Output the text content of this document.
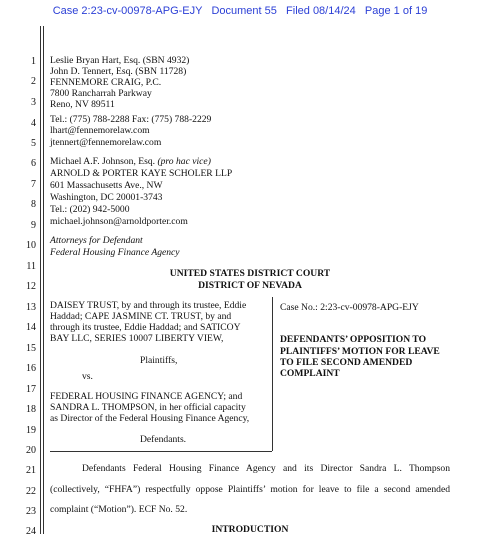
Case 2:23-cv-00978-APG-EJY   Document 55   Filed 08/14/24   Page 1 of 19
1
2
3
4
5
6
7
8
9
10
11
12
13
14
15
16
17
18
19
20
21
22
23
24
Leslie Bryan Hart, Esq. (SBN 4932)
John D. Tennert, Esq. (SBN 11728)
FENNEMORE CRAIG, P.C.
7800 Rancharrah Parkway
Reno, NV 89511
Tel.: (775) 788-2288 Fax: (775) 788-2229
lhart@fennemorelaw.com
jtennert@fennemorelaw.com
Michael A.F. Johnson, Esq. (pro hac vice)
ARNOLD & PORTER KAYE SCHOLER LLP
601 Massachusetts Ave., NW
Washington, DC 20001-3743
Tel.: (202) 942-5000
michael.johnson@arnoldporter.com
Attorneys for Defendant
Federal Housing Finance Agency
UNITED STATES DISTRICT COURT
DISTRICT OF NEVADA
DAISEY TRUST, by and through its trustee, Eddie
Haddad; CAPE JASMINE CT. TRUST, by and
through its trustee, Eddie Haddad; and SATICOY
BAY LLC, SERIES 10007 LIBERTY VIEW,
Plaintiffs,
vs.
FEDERAL HOUSING FINANCE AGENCY; and
SANDRA L. THOMPSON, in her official capacity
as Director of the Federal Housing Finance Agency,
Defendants.
Case No.: 2:23-cv-00978-APG-EJY
DEFENDANTS’ OPPOSITION TO
PLAINTIFFS’ MOTION FOR LEAVE
TO FILE SECOND AMENDED
COMPLAINT
Defendants Federal Housing Finance Agency and its Director Sandra L. Thompson
(collectively, “FHFA”) respectfully oppose Plaintiffs’ motion for leave to file a second amended
complaint (“Motion”). ECF No. 52.
INTRODUCTION
